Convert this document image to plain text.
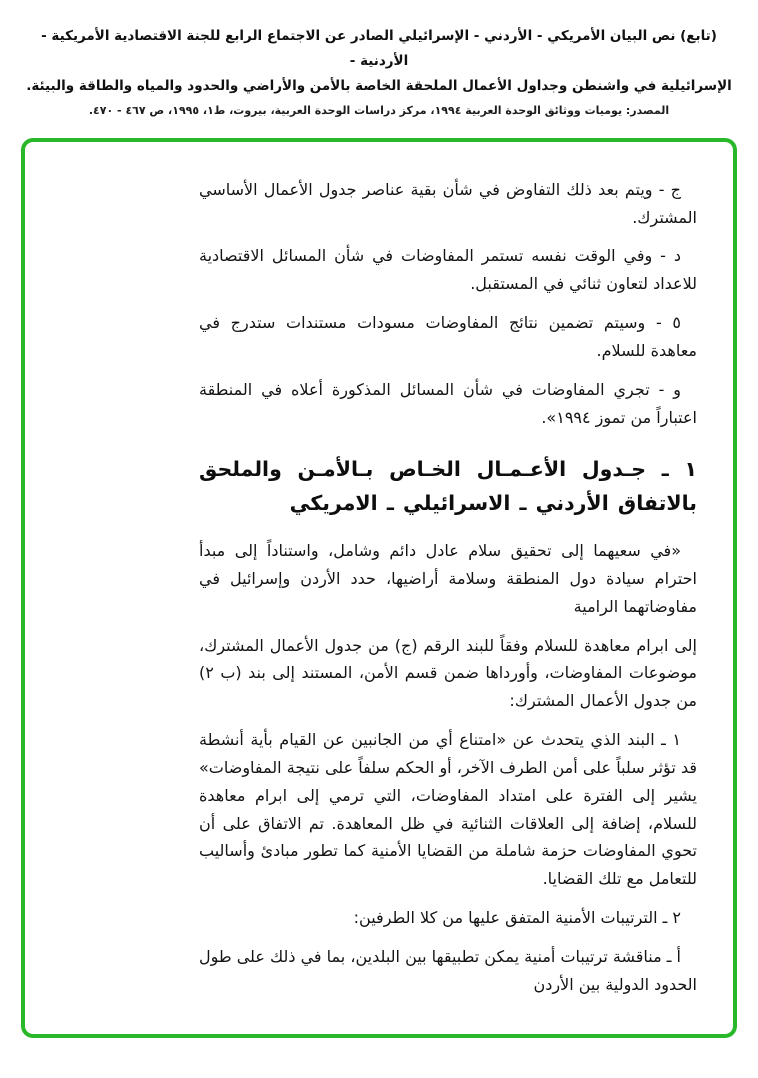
(تابع) نص البيان الأمريكي - الأردني - الإسرائيلي الصادر عن الاجتماع الرابع للجنة الاقتصادية الأمريكية - الأردنية -
الإسرائيلية في واشنطن وجداول الأعمال الملحقة الخاصة بالأمن والأراضي والحدود والمياه والطاقة والبيئة.
المصدر: يوميات ووثائق الوحدة العربية ١٩٩٤، مركز دراسات الوحدة العربية، بيروت، ط١، ١٩٩٥، ص ٤٦٧ - ٤٧٠.

ج - ويتم بعد ذلك التفاوض في شأن بقية عناصر جدول الأعمال الأساسي المشترك.

د - وفي الوقت نفسه تستمر المفاوضات في شأن المسائل الاقتصادية للاعداد لتعاون ثنائي في المستقبل.

٥ - وسيتم تضمين نتائج المفاوضات مسودات مستندات ستدرج في معاهدة للسلام.

و - تجري المفاوضات في شأن المسائل المذكورة أعلاه في المنطقة اعتباراً من تموز ١٩٩٤».

١ ـ جـدول الأعـمـال الخـاص بـالأمـن والملحق بالاتفاق الأردني ـ الاسرائيلي ـ الامريكي

«في سعيهما إلى تحقيق سلام عادل دائم وشامل، واستناداً إلى مبدأ احترام سيادة دول المنطقة وسلامة أراضيها، حدد الأردن وإسرائيل في مفاوضاتهما الرامية

إلى ابرام معاهدة للسلام وفقاً للبند الرقم (ج) من جدول الأعمال المشترك، موضوعات المفاوضات، وأورداها ضمن قسم الأمن، المستند إلى بند (ب ٢) من جدول الأعمال المشترك:

١ ـ البند الذي يتحدث عن «امتناع أي من الجانبين عن القيام بأية أنشطة قد تؤثر سلباً على أمن الطرف الآخر، أو الحكم سلفاً على نتيجة المفاوضات» يشير إلى الفترة على امتداد المفاوضات، التي ترمي إلى ابرام معاهدة للسلام، إضافة إلى العلاقات الثنائية في ظل المعاهدة. تم الاتفاق على أن تحوي المفاوضات حزمة شاملة من القضايا الأمنية كما تطور مبادئ وأساليب للتعامل مع تلك القضايا.

٢ ـ الترتيبات الأمنية المتفق عليها من كلا الطرفين:

أ ـ مناقشة ترتيبات أمنية يمكن تطبيقها بين البلدين، بما في ذلك على طول الحدود الدولية بين الأردن
